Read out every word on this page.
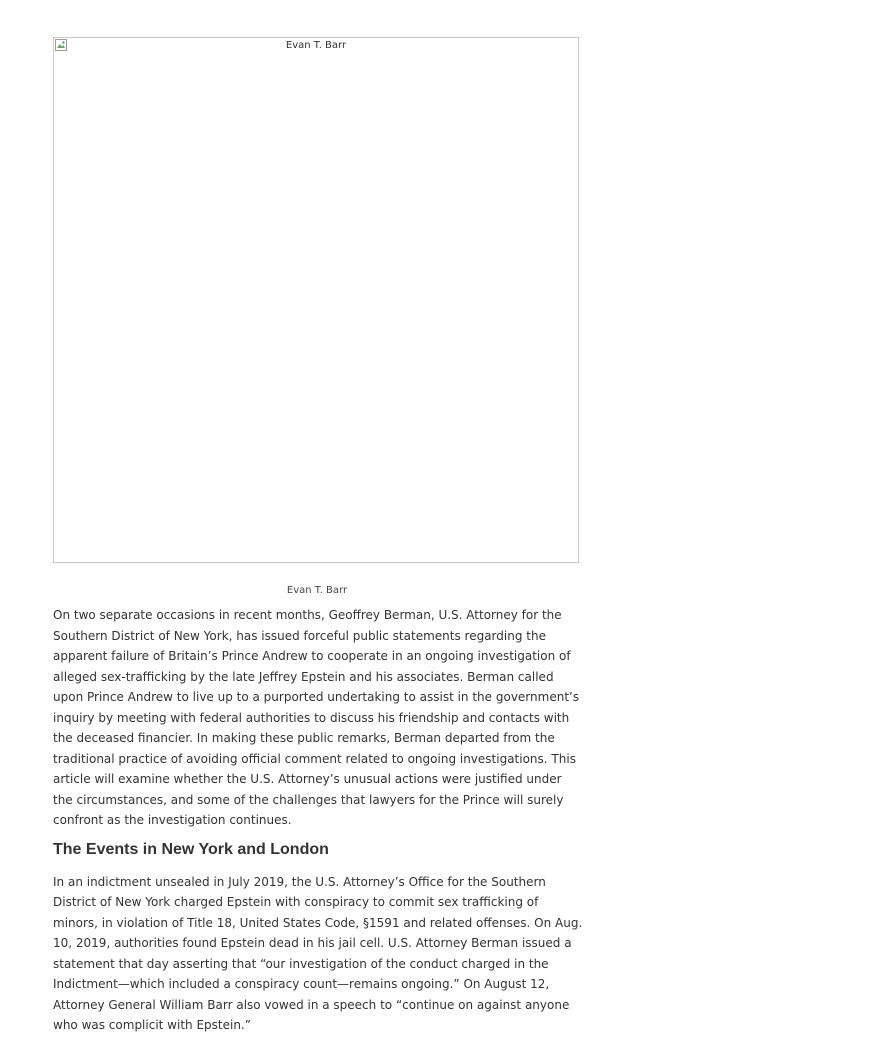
Evan T. Barr
Evan T. Barr

On two separate occasions in recent months, Geoffrey Berman, U.S. Attorney for the Southern District of New York, has issued forceful public statements regarding the apparent failure of Britain’s Prince Andrew to cooperate in an ongoing investigation of alleged sex-trafficking by the late Jeffrey Epstein and his associates. Berman called upon Prince Andrew to live up to a purported undertaking to assist in the government’s inquiry by meeting with federal authorities to discuss his friendship and contacts with the deceased financier. In making these public remarks, Berman departed from the traditional practice of avoiding official comment related to ongoing investigations. This article will examine whether the U.S. Attorney’s unusual actions were justified under the circumstances, and some of the challenges that lawyers for the Prince will surely confront as the investigation continues.

The Events in New York and London

In an indictment unsealed in July 2019, the U.S. Attorney’s Office for the Southern District of New York charged Epstein with conspiracy to commit sex trafficking of minors, in violation of Title 18, United States Code, §1591 and related offenses. On Aug. 10, 2019, authorities found Epstein dead in his jail cell. U.S. Attorney Berman issued a statement that day asserting that “our investigation of the conduct charged in the Indictment—which included a conspiracy count—remains ongoing.” On August 12, Attorney General William Barr also vowed in a speech to “continue on against anyone who was complicit with Epstein.”
